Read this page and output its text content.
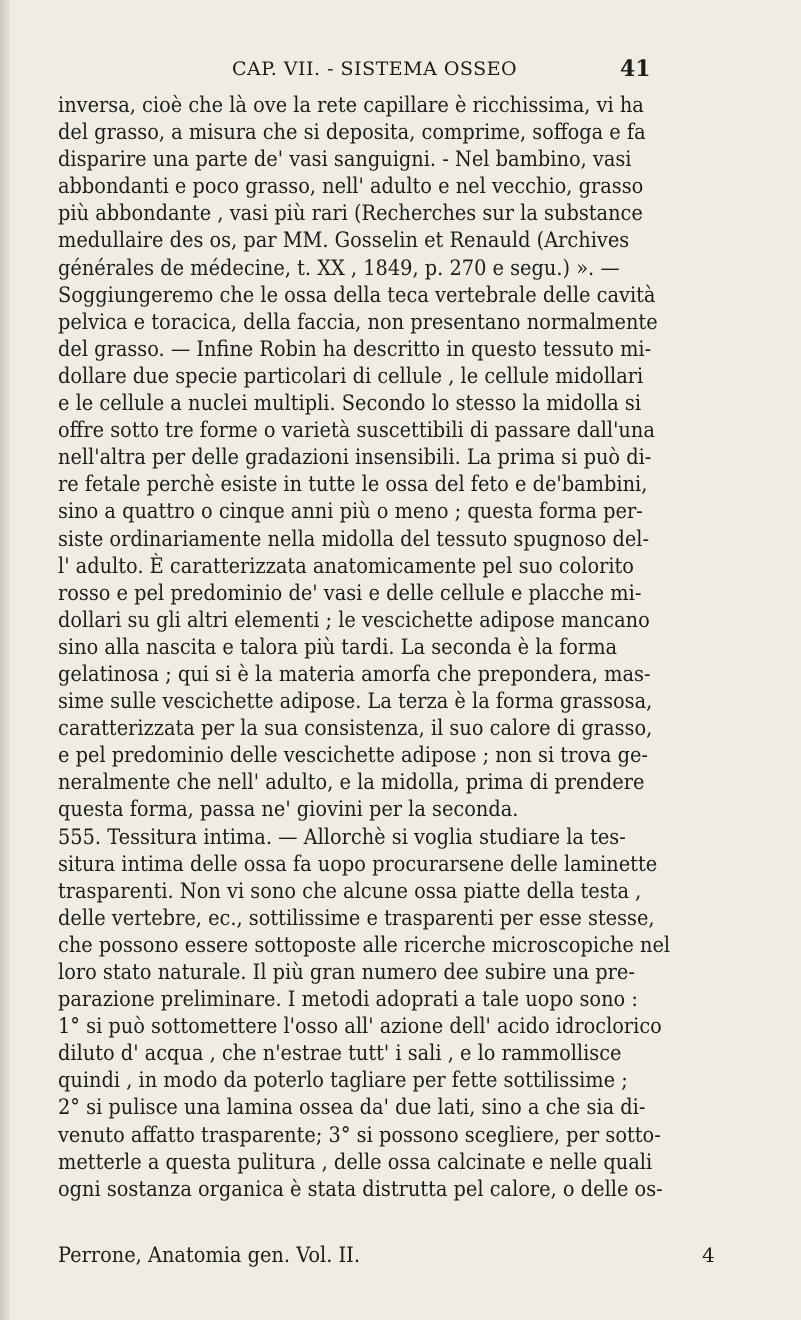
CAP. VII. - SISTEMA OSSEO	41
inversa, cioè che là ove la rete capillare è ricchissima, vi ha
del grasso, a misura che si deposita, comprime, soffoga e fa
disparire una parte de' vasi sanguigni. - Nel bambino, vasi
abbondanti e poco grasso, nell' adulto e nel vecchio, grasso
più abbondante , vasi più rari (Recherches sur la substance
medullaire des os, par MM. Gosselin et Renauld (Archives
générales de médecine, t. XX , 1849, p. 270 e segu.) ». —
Soggiungeremo che le ossa della teca vertebrale delle cavità
pelvica e toracica, della faccia, non presentano normalmente
del grasso. — Infine Robin ha descritto in questo tessuto mi-
dollare due specie particolari di cellule , le cellule midollari
e le cellule a nuclei multipli. Secondo lo stesso la midolla si
offre sotto tre forme o varietà suscettibili di passare dall'una
nell'altra per delle gradazioni insensibili. La prima si può di-
re fetale perchè esiste in tutte le ossa del feto e de'bambini,
sino a quattro o cinque anni più o meno ; questa forma per-
siste ordinariamente nella midolla del tessuto spugnoso del-
l' adulto. È caratterizzata anatomicamente pel suo colorito
rosso e pel predominio de' vasi e delle cellule e placche mi-
dollari su gli altri elementi ; le vescichette adipose mancano
sino alla nascita e talora più tardi. La seconda è la forma
gelatinosa ; qui si è la materia amorfa che prepondera, mas-
sime sulle vescichette adipose. La terza è la forma grassosa,
caratterizzata per la sua consistenza, il suo calore di grasso,
e pel predominio delle vescichette adipose ; non si trova ge-
neralmente che nell' adulto, e la midolla, prima di prendere
questa forma, passa ne' giovini per la seconda.
555. Tessitura intima. — Allorchè si voglia studiare la tes-
situra intima delle ossa fa uopo procurarsene delle laminette
trasparenti. Non vi sono che alcune ossa piatte della testa ,
delle vertebre, ec., sottilissime e trasparenti per esse stesse,
che possono essere sottoposte alle ricerche microscopiche nel
loro stato naturale. Il più gran numero dee subire una pre-
parazione preliminare. I metodi adoprati a tale uopo sono :
1° si può sottomettere l'osso all' azione dell' acido idroclorico
diluto d' acqua , che n'estrae tutt' i sali , e lo rammollisce
quindi , in modo da poterlo tagliare per fette sottilissime ;
2° si pulisce una lamina ossea da' due lati, sino a che sia di-
venuto affatto trasparente; 3° si possono scegliere, per sotto-
metterle a questa pulitura , delle ossa calcinate e nelle quali
ogni sostanza organica è stata distrutta pel calore, o delle os-
Perrone, Anatomia gen. Vol. II.	4
